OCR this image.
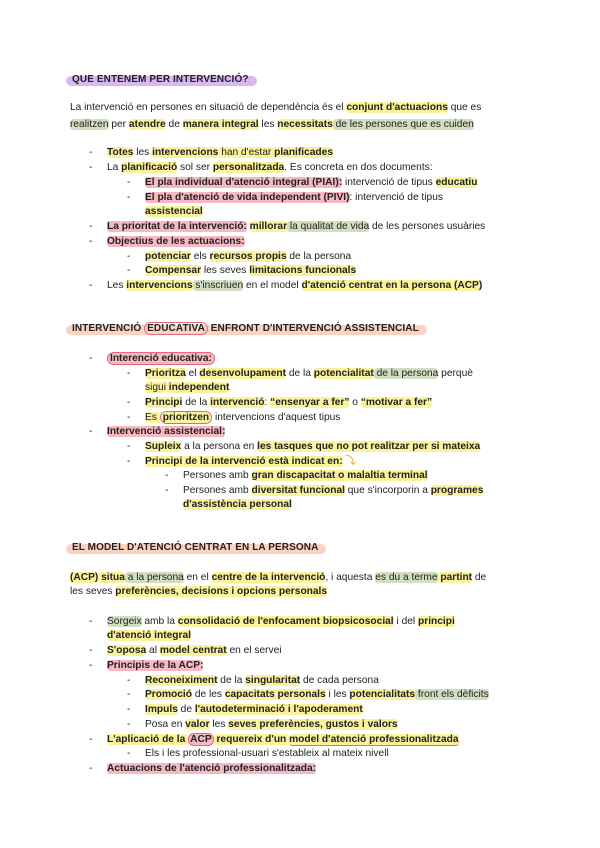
QUE ENTENEM PER INTERVENCIÓ?
La intervenció en persones en situació de dependència és el conjunt d'actuacions que es
realitzen per atendre de manera integral les necessitats de les persones que es cuiden
- Totes les intervencions han d'estar planificades
- La planificació sol ser personalitzada. Es concreta en dos documents:
- El pla individual d'atenció integral (PIAI): intervenció de tipus educatiu
- El pla d'atenció de vida independent (PIVI): intervenció de tipus
assistencial
- La prioritat de la intervenció: millorar la qualitat de vida de les persones usuàries
- Objectius de les actuacions:
- potenciar els recursos propis de la persona
- Compensar les seves limitacions funcionals
- Les intervencions s'inscriuen en el model d'atenció centrat en la persona (ACP)
INTERVENCIÓ EDUCATIVA ENFRONT D'INTERVENCIÓ ASSISTENCIAL
- Interenció educativa:
- Prioritza el desenvolupament de la potencialitat de la persona perquè
sigui independent
- Principi de la intervenció: “ensenyar a fer” o “motivar a fer”
- Es prioritzen intervencions d'aquest tipus
- Intervenció assistencial:
- Supleix a la persona en les tasques que no pot realitzar per si mateixa
- Principi de la intervenció està indicat en: ⤵
- Persones amb gran discapacitat o malaltia terminal
- Persones amb diversitat funcional que s'incorporin a programes
d'assistència personal
EL MODEL D'ATENCIÓ CENTRAT EN LA PERSONA
(ACP) situa a la persona en el centre de la intervenció, i aquesta es du a terme partint de
les seves preferències, decisions i opcions personals
- Sorgeix amb la consolidació de l'enfocament biopsicosocial i del principi
d'atenció integral
- S'oposa al model centrat en el servei
- Principis de la ACP:
- Reconeiximent de la singularitat de cada persona
- Promoció de les capacitats personals i les potencialitats front els dèficits
- Impuls de l'autodeterminació i l'apoderament
- Posa en valor les seves preferències, gustos i valors
- L'aplicació de la ACP requereix d'un model d'atenció professionalitzada
- Els i les professional-usuari s'estableix al mateix nivell
- Actuacions de l'atenció professionalitzada:
